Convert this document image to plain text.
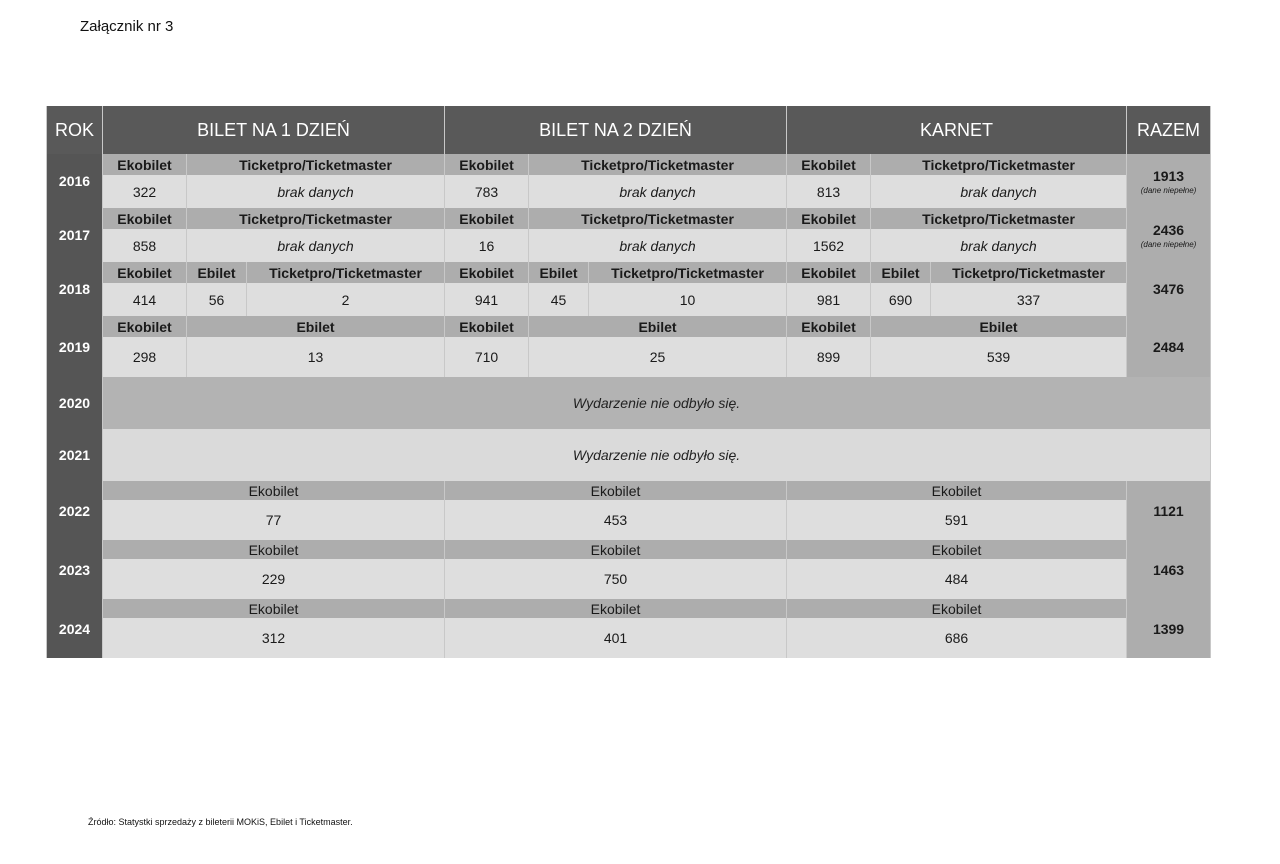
Załącznik nr 3
ROK	BILET NA 1 DZIEŃ			BILET NA 2 DZIEŃ			KARNET			RAZEM
2016	Ekobilet	Ticketpro/Ticketmaster		Ekobilet	Ticketpro/Ticketmaster		Ekobilet	Ticketpro/Ticketmaster		1913
(dane niepełne)

	322	brak danych		783	brak danych		813	brak danych		
2017	Ekobilet	Ticketpro/Ticketmaster		Ekobilet	Ticketpro/Ticketmaster		Ekobilet	Ticketpro/Ticketmaster		2436
(dane niepełne)

	858	brak danych		16	brak danych		1562	brak danych		
2018	Ekobilet	Ebilet	Ticketpro/Ticketmaster	Ekobilet	Ebilet	Ticketpro/Ticketmaster	Ekobilet	Ebilet	Ticketpro/Ticketmaster	3476

	414	56	2	941	45	10	981	690	337	
2019	Ekobilet	Ebilet		Ekobilet	Ebilet		Ekobilet	Ebilet		2484

	298	13		710	25		899	539		
2020	Wydarzenie nie odbyło się.									
2021	Wydarzenie nie odbyło się.									
2022	Ekobilet			Ekobilet			Ekobilet			1121

	77			453			591			
2023	Ekobilet			Ekobilet			Ekobilet			1463

	229			750			484			
2024	Ekobilet			Ekobilet			Ekobilet			1399

	312			401			686			
Źródło: Statystki sprzedaży z bileterii MOKiS, Ebilet i Ticketmaster.
